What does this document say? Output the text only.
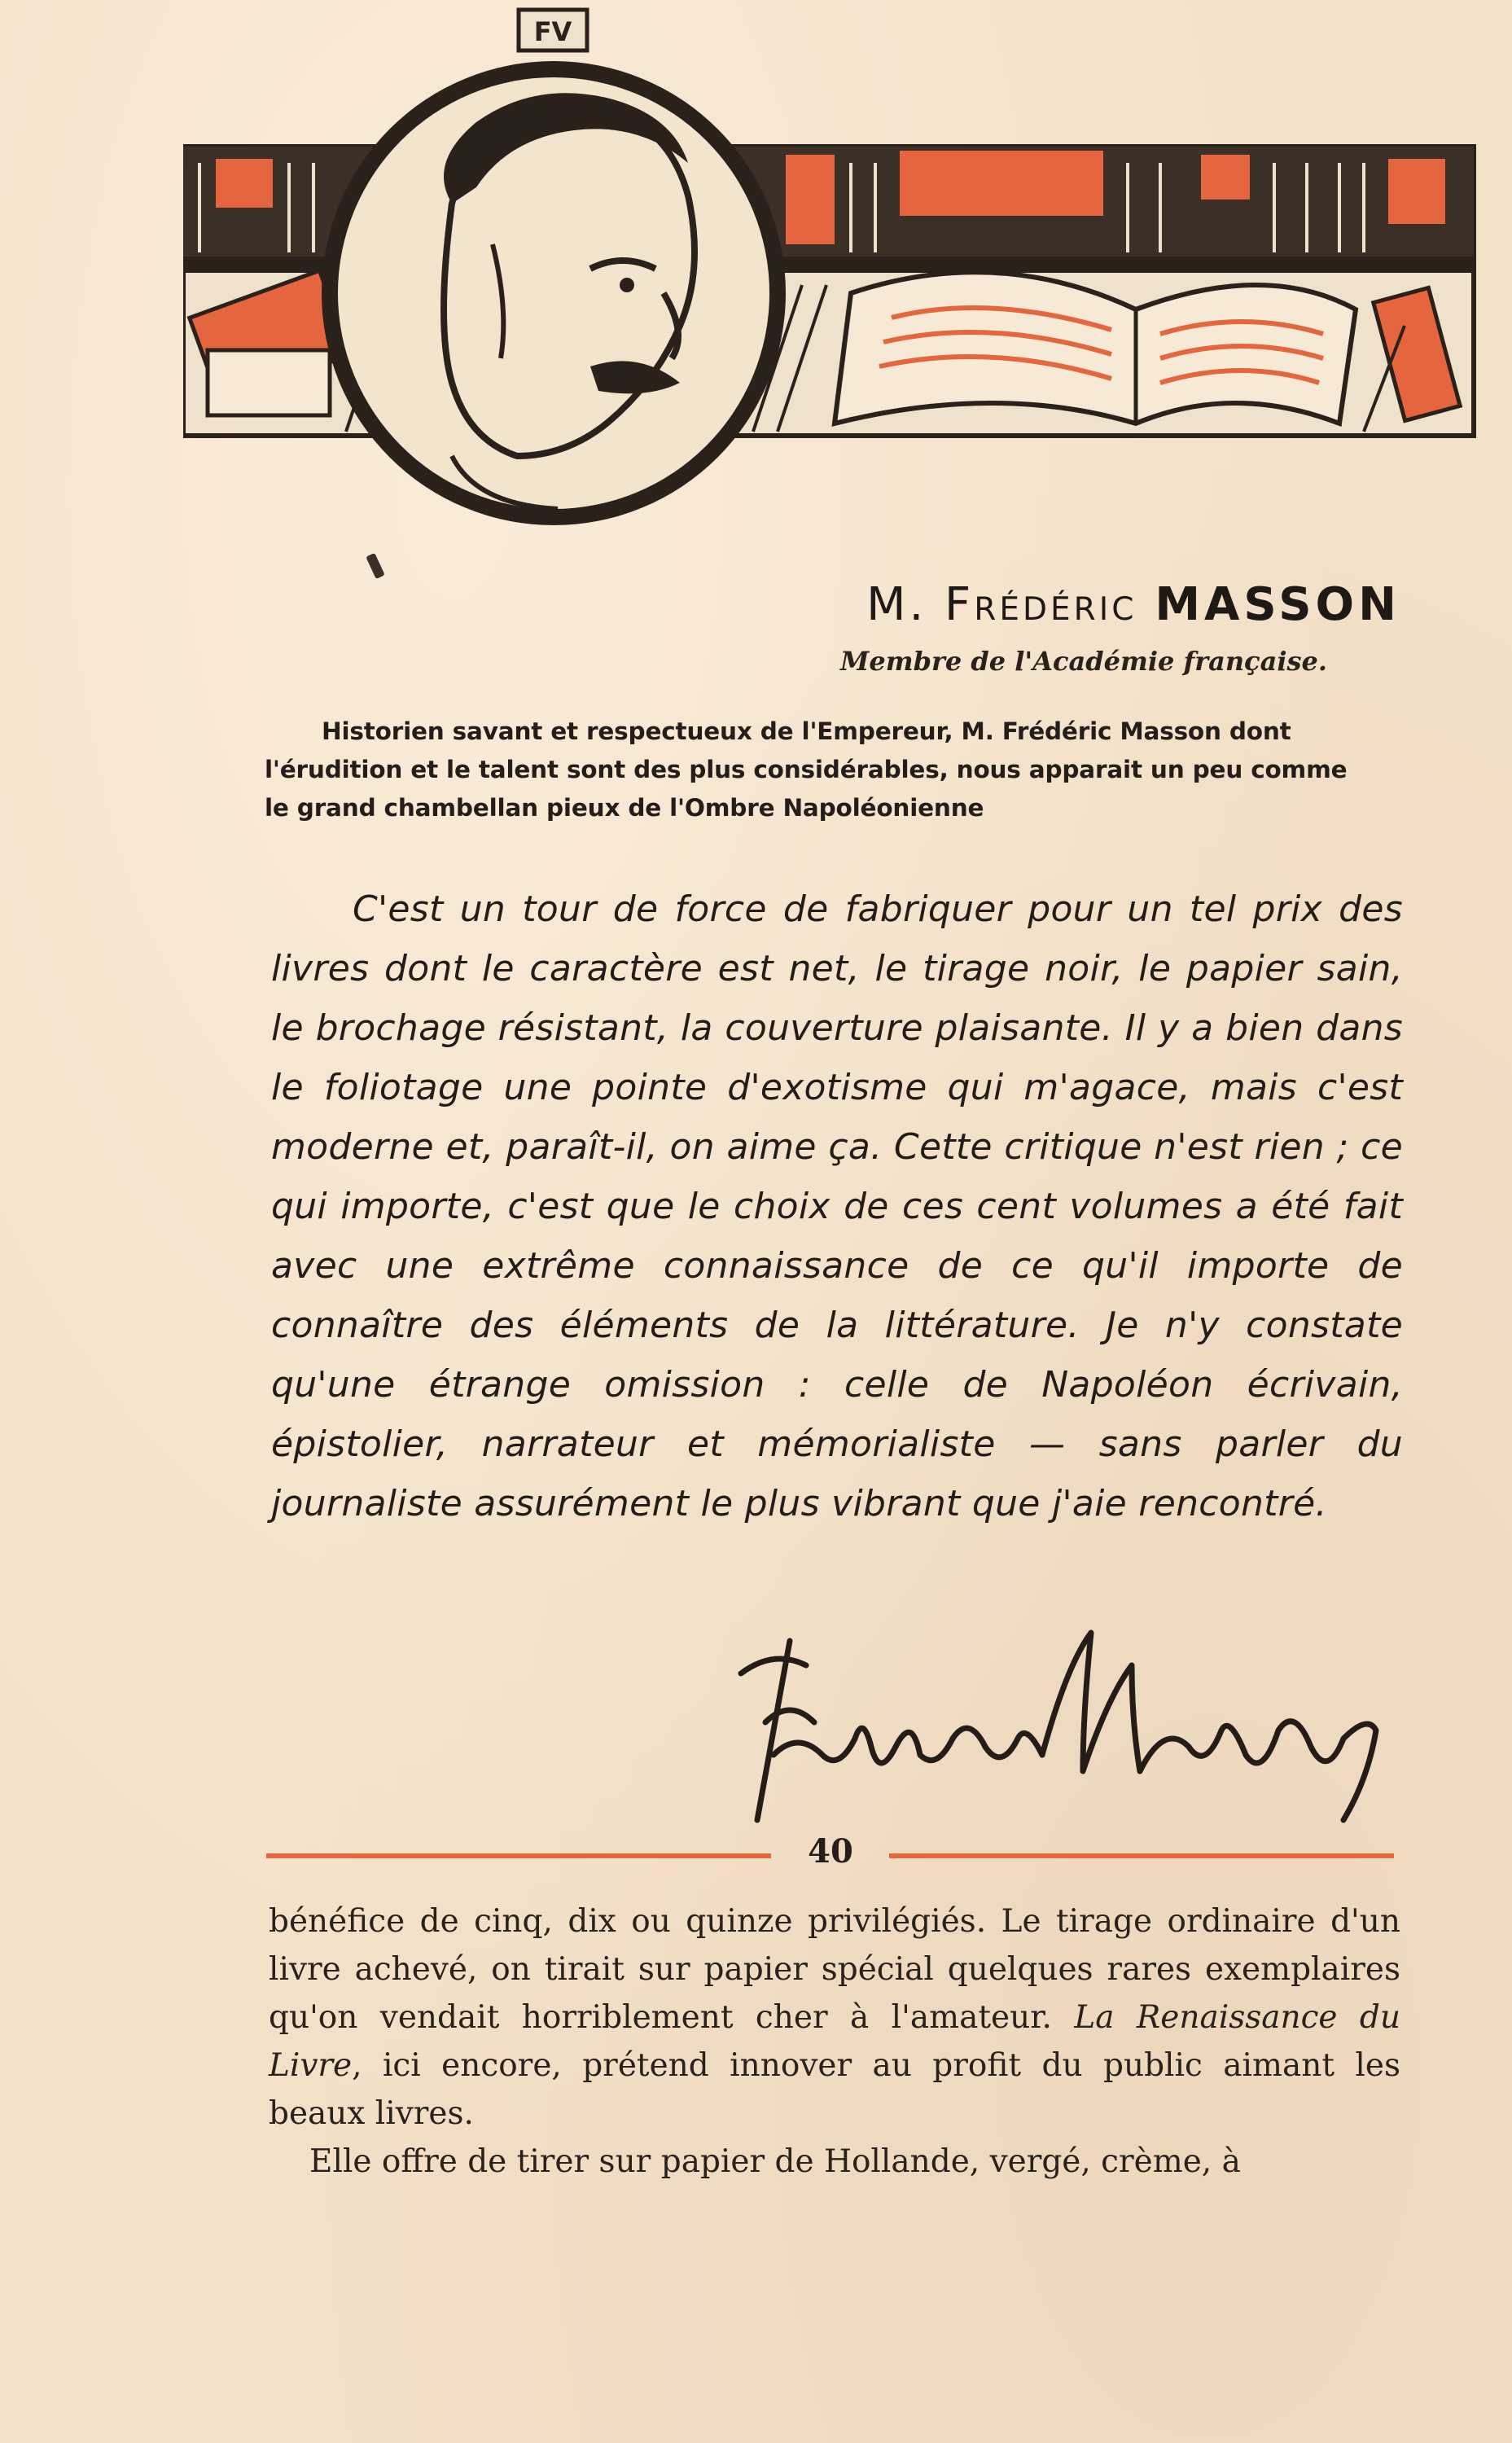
FV
M. Frédéric MASSON
Membre de l'Académie française.
Historien savant et respectueux de l'Empereur, M. Frédéric Masson dont
l'érudition et le talent sont des plus considérables, nous apparait un peu comme
le grand chambellan pieux de l'Ombre Napoléonienne

C'est un tour de force de fabriquer pour un tel prix des livres dont le caractère est net, le tirage noir, le papier sain, le brochage résistant, la couverture plaisante. Il y a bien dans le foliotage une pointe d'exotisme qui m'agace, mais c'est moderne et, paraît-il, on aime ça. Cette critique n'est rien ; ce qui importe, c'est que le choix de ces cent volumes a été fait avec une extrême connaissance de ce qu'il importe de connaître des éléments de la littérature. Je n'y constate qu'une étrange omission : celle de Napoléon écrivain, épistolier, narrateur et mémorialiste — sans parler du journaliste assurément le plus vibrant que j'aie rencontré.

40

bénéfice de cinq, dix ou quinze privilégiés. Le tirage ordinaire d'un livre achevé, on tirait sur papier spécial quelques rares exemplaires qu'on vendait horriblement cher à l'amateur. La Renaissance du Livre, ici encore, prétend innover au profit du public aimant les beaux livres.

Elle offre de tirer sur papier de Hollande, vergé, crème, à
